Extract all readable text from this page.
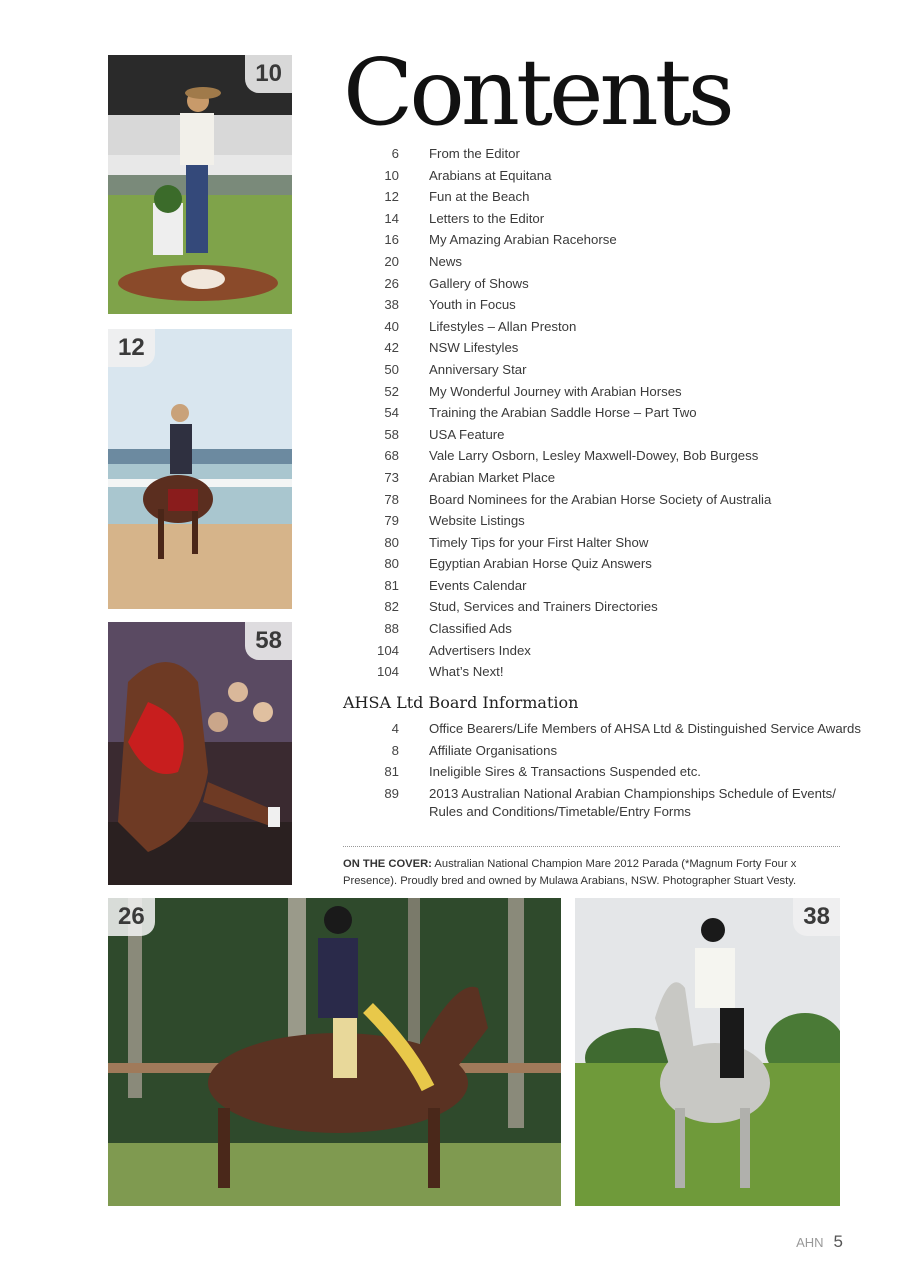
10
12
58
26	38
Contents
6	From the Editor
10	Arabians at Equitana
12	Fun at the Beach
14	Letters to the Editor
16	My Amazing Arabian Racehorse
20	News
26	Gallery of Shows
38	Youth in Focus
40	Lifestyles – Allan Preston
42	NSW Lifestyles
50	Anniversary Star
52	My Wonderful Journey with Arabian Horses
54	Training the Arabian Saddle Horse – Part Two
58	USA Feature
68	Vale Larry Osborn, Lesley Maxwell-Dowey, Bob Burgess
73	Arabian Market Place
78	Board Nominees for the Arabian Horse Society of Australia
79	Website Listings
80	Timely Tips for your First Halter Show
80	Egyptian Arabian Horse Quiz Answers
81	Events Calendar
82	Stud, Services and Trainers Directories
88	Classified Ads
104	Advertisers Index
104	What’s Next!
AHSA Ltd Board Information
4	Office Bearers/Life Members of AHSA Ltd & Distinguished Service Awards
8	Affiliate Organisations
81	Ineligible Sires & Transactions Suspended etc.
89	2013 Australian National Arabian Championships Schedule of Events/ Rules and Conditions/Timetable/Entry Forms
ON THE COVER: Australian National Champion Mare 2012 Parada (*Magnum Forty Four x Presence). Proudly bred and owned by Mulawa Arabians, NSW. Photographer Stuart Vesty.
AHN 5
